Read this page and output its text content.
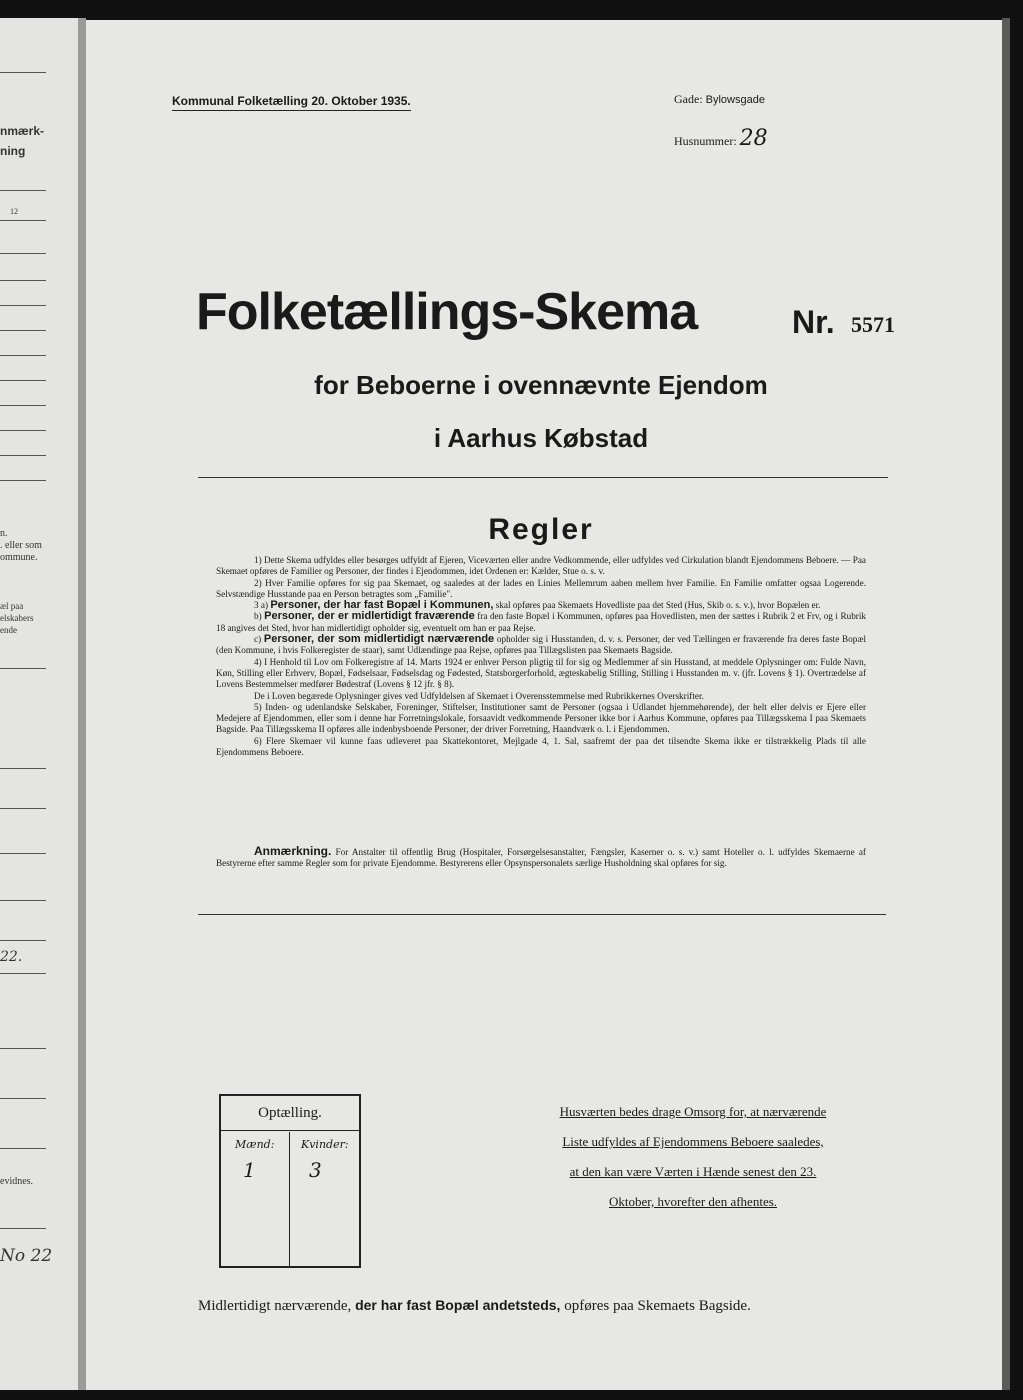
nmærk-
ning
12
n.
. eller som
ommune.
æl paa
elskabers
ende
22.
evidnes.
No 22
Kommunal Folketælling 20. Oktober 1935.	Gade: Bylowsgade
Husnummer: 28
Folketællings-Skema	Nr. 5571
for Beboerne i ovennævnte Ejendom
i Aarhus Købstad
Regler

1) Dette Skema udfyldes eller besørges udfyldt af Ejeren, Viceværten eller andre Vedkommende, eller udfyldes ved Cirkulation blandt Ejendommens Beboere. — Paa Skemaet opføres de Familier og Personer, der findes i Ejendommen, idet Ordenen er: Kælder, Stue o. s. v.

2) Hver Familie opføres for sig paa Skemaet, og saaledes at der lades en Linies Mellemrum aaben mellem hver Familie. En Familie omfatter ogsaa Logerende. Selvstændige Husstande paa en Person betragtes som „Familie".

3 a) Personer, der har fast Bopæl i Kommunen, skal opføres paa Skemaets Hovedliste paa det Sted (Hus, Skib o. s. v.), hvor Bopælen er.

b) Personer, der er midlertidigt fraværende fra den faste Bopæl i Kommunen, opføres paa Hovedlisten, men der sættes i Rubrik 2 et Frv, og i Rubrik 18 angives det Sted, hvor han midlertidigt opholder sig, eventuelt om han er paa Rejse.

c) Personer, der som midlertidigt nærværende opholder sig i Husstanden, d. v. s. Personer, der ved Tællingen er fraværende fra deres faste Bopæl (den Kommune, i hvis Folkeregister de staar), samt Udlændinge paa Rejse, opføres paa Tillægslisten paa Skemaets Bagside.

4) I Henhold til Lov om Folkeregistre af 14. Marts 1924 er enhver Person pligtig til for sig og Medlemmer af sin Husstand, at meddele Oplysninger om: Fulde Navn, Køn, Stilling eller Erhverv, Bopæl, Fødselsaar, Fødselsdag og Fødested, Statsborgerforhold, ægteskabelig Stilling, Stilling i Husstanden m. v. (jfr. Lovens § 1). Overtrædelse af Lovens Bestemmelser medfører Bødestraf (Lovens § 12 jfr. § 8).

De i Loven begærede Oplysninger gives ved Udfyldelsen af Skemaet i Overensstemmelse med Rubrikkernes Overskrifter.

5) Inden- og udenlandske Selskaber, Foreninger, Stiftelser, Institutioner samt de Personer (ogsaa i Udlandet hjemmehørende), der helt eller delvis er Ejere eller Medejere af Ejendommen, eller som i denne har Forretningslokale, forsaavidt vedkommende Personer ikke bor i Aarhus Kommune, opføres paa Tillægsskema I paa Skemaets Bagside. Paa Tillægsskema II opføres alle indenbysboende Personer, der driver Forretning, Haandværk o. l. i Ejendommen.

6) Flere Skemaer vil kunne faas udleveret paa Skattekontoret, Mejlgade 4, 1. Sal, saafremt der paa det tilsendte Skema ikke er tilstrækkelig Plads til alle Ejendommens Beboere.

Anmærkning. For Anstalter til offentlig Brug (Hospitaler, Forsørgelsesanstalter, Fængsler, Kaserner o. s. v.) samt Hoteller o. l. udfyldes Skemaerne af Bestyrerne efter samme Regler som for private Ejendomme. Bestyrerens eller Opsynspersonalets særlige Husholdning skal opføres for sig.

Optælling.
Mænd: Kvinder:
1	3

Husværten bedes drage Omsorg for, at nærværende

Liste udfyldes af Ejendommens Beboere saaledes,

at den kan være Værten i Hænde senest den 23.

Oktober, hvorefter den afhentes.

Midlertidigt nærværende, der har fast Bopæl andetsteds, opføres paa Skemaets Bagside.
